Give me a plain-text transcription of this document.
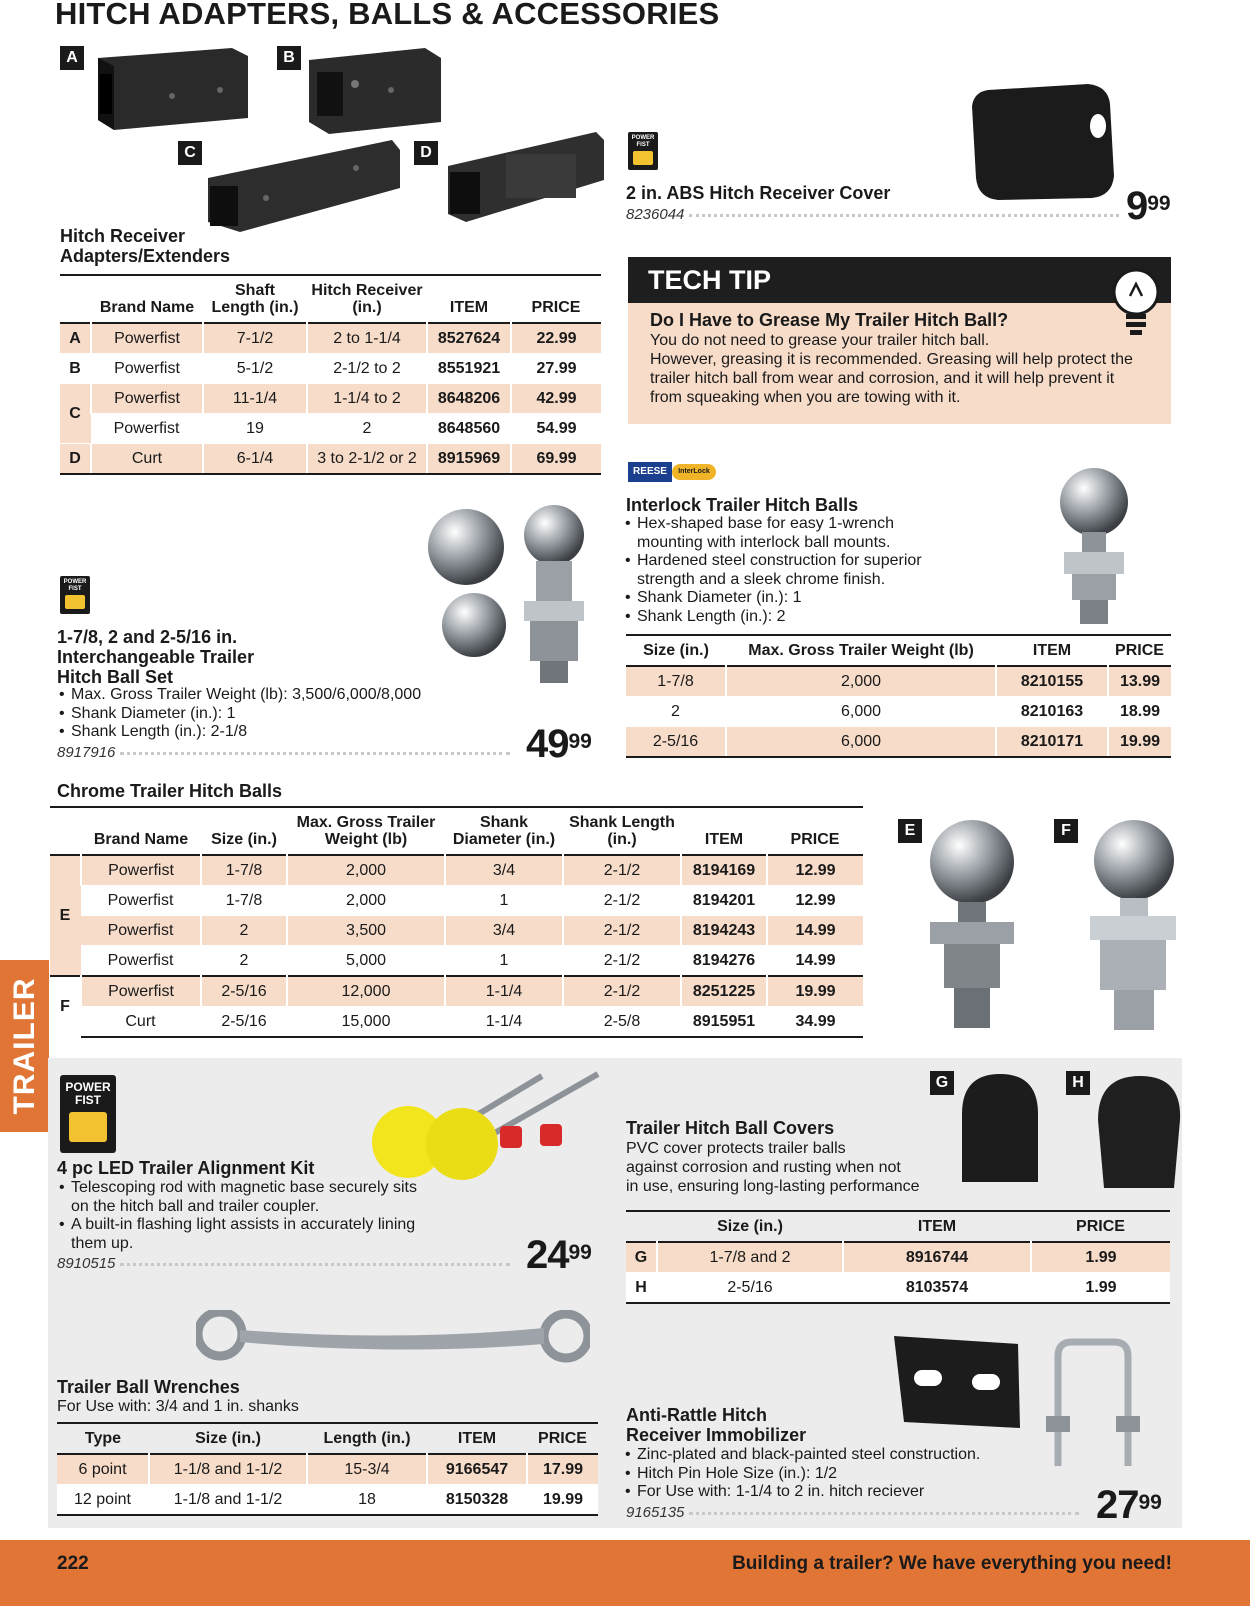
HITCH ADAPTERS, BALLS & ACCESSORIES
A	B
C	D
Hitch Receiver
Adapters/Extenders
	Brand Name	Shaft Length (in.)	Hitch Receiver (in.)	ITEM	PRICE
A	Powerfist	7-1/2	2 to 1-1/4	8527624	22.99
B	Powerfist	5-1/2	2-1/2 to 2	8551921	27.99
C	Powerfist	11-1/4	1-1/4 to 2	8648206	42.99
	Powerfist	19	2	8648560	54.99
D	Curt	6-1/4	3 to 2-1/2 or 2	8915969	69.99
POWER
FIST
2 in. ABS Hitch Receiver Cover
8236044	$9^{99}$
TECH TIP
Do I Have to Grease My Trailer Hitch Ball?
You do not need to grease your trailer hitch ball.
However, greasing it is recommended. Greasing will help protect the trailer hitch ball from wear and corrosion, and it will help prevent it from squeaking when you are towing with it.
POWER
FIST
1-7/8, 2 and 2-5/16 in.
Interchangeable Trailer
Hitch Ball Set
• Max. Gross Trailer Weight (lb): 3,500/6,000/8,000
• Shank Diameter (in.): 1
• Shank Length (in.): 2-1/8
8917916	$49^{99}$
REESE	InterLock
Interlock Trailer Hitch Balls
• Hex-shaped base for easy 1-wrench mounting with interlock ball mounts.
• Hardened steel construction for superior strength and a sleek chrome finish.
• Shank Diameter (in.): 1
• Shank Length (in.): 2
Size (in.)	Max. Gross Trailer Weight (lb)	ITEM	PRICE
1-7/8	2,000	8210155	13.99
2	6,000	8210163	18.99
2-5/16	6,000	8210171	19.99
Chrome Trailer Hitch Balls
	Brand Name	Size (in.)	Max. Gross Trailer Weight (lb)	Shank Diameter (in.)	Shank Length (in.)	ITEM	PRICE
E	Powerfist	1-7/8	2,000	3/4	2-1/2	8194169	12.99
	Powerfist	1-7/8	2,000	1	2-1/2	8194201	12.99
	Powerfist	2	3,500	3/4	2-1/2	8194243	14.99
	Powerfist	2	5,000	1	2-1/2	8194276	14.99
F	Powerfist	2-5/16	12,000	1-1/4	2-1/2	8251225	19.99
	Curt	2-5/16	15,000	1-1/4	2-5/8	8915951	34.99
E	F
TRAILER	POWER
FIST
4 pc LED Trailer Alignment Kit
• Telescoping rod with magnetic base securely sits on the hitch ball and trailer coupler.
• A built-in flashing light assists in accurately lining them up.
8910515	$24^{99}$
G	H
Trailer Hitch Ball Covers
PVC cover protects trailer balls
against corrosion and rusting when not
in use, ensuring long-lasting performance
	Size (in.)	ITEM	PRICE
G	1-7/8 and 2	8916744	1.99
H	2-5/16	8103574	1.99
Trailer Ball Wrenches
For Use with: 3/4 and 1 in. shanks
Type	Size (in.)	Length (in.)	ITEM	PRICE
6 point	1-1/8 and 1-1/2	15-3/4	9166547	17.99
12 point	1-1/8 and 1-1/2	18	8150328	19.99
Anti-Rattle Hitch
Receiver Immobilizer
• Zinc-plated and black-painted steel construction.
• Hitch Pin Hole Size (in.): 1/2
• For Use with: 1-1/4 to 2 in. hitch reciever
9165135	$27^{99}$
222	Building a trailer? We have everything you need!
